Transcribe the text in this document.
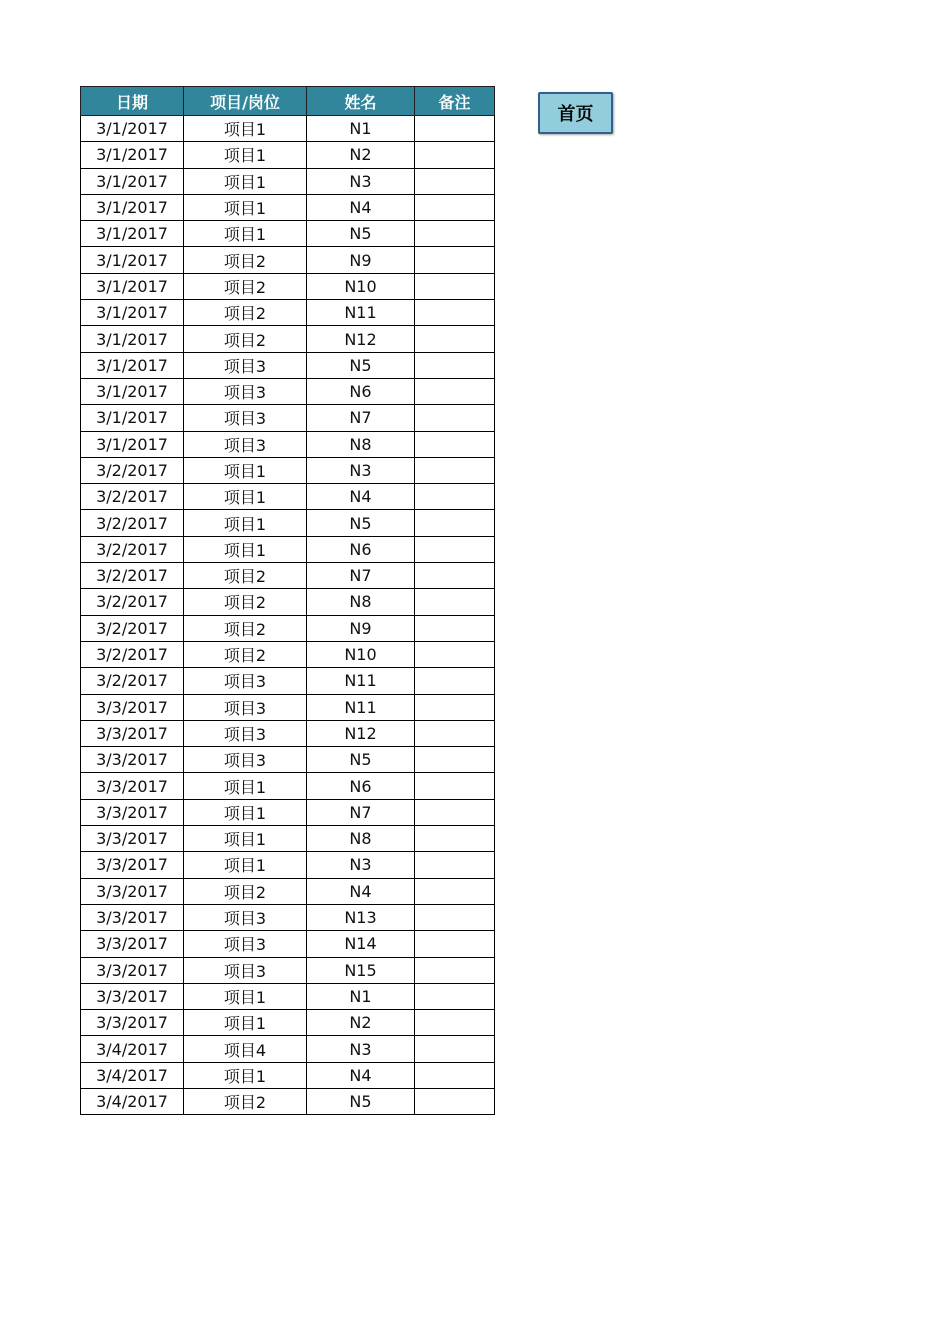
日期	项目/岗位	姓名	备注
3/1/2017	项目1	N1	
3/1/2017	项目1	N2	
3/1/2017	项目1	N3	
3/1/2017	项目1	N4	
3/1/2017	项目1	N5	
3/1/2017	项目2	N9	
3/1/2017	项目2	N10	
3/1/2017	项目2	N11	
3/1/2017	项目2	N12	
3/1/2017	项目3	N5	
3/1/2017	项目3	N6	
3/1/2017	项目3	N7	
3/1/2017	项目3	N8	
3/2/2017	项目1	N3	
3/2/2017	项目1	N4	
3/2/2017	项目1	N5	
3/2/2017	项目1	N6	
3/2/2017	项目2	N7	
3/2/2017	项目2	N8	
3/2/2017	项目2	N9	
3/2/2017	项目2	N10	
3/2/2017	项目3	N11	
3/3/2017	项目3	N11	
3/3/2017	项目3	N12	
3/3/2017	项目3	N5	
3/3/2017	项目1	N6	
3/3/2017	项目1	N7	
3/3/2017	项目1	N8	
3/3/2017	项目1	N3	
3/3/2017	项目2	N4	
3/3/2017	项目3	N13	
3/3/2017	项目3	N14	
3/3/2017	项目3	N15	
3/3/2017	项目1	N1	
3/3/2017	项目1	N2	
3/4/2017	项目4	N3	
3/4/2017	项目1	N4	
3/4/2017	项目2	N5	
首页
